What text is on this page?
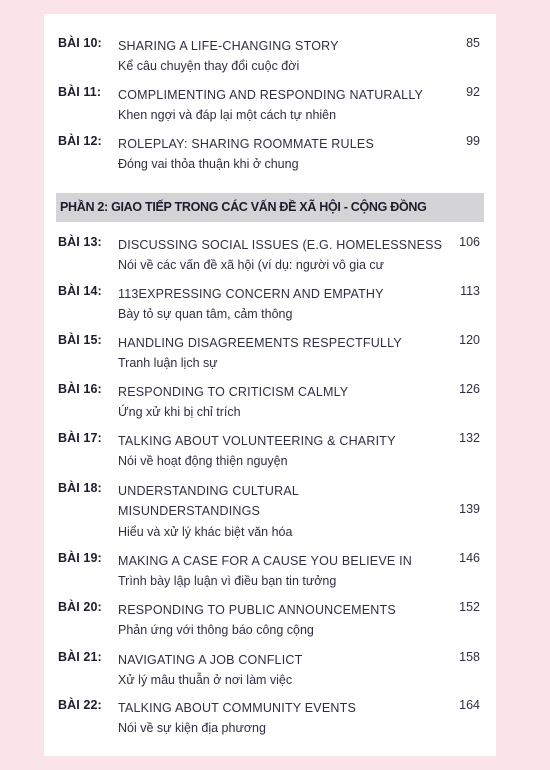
BÀI 10: SHARING A LIFE-CHANGING STORY
Kể câu chuyện thay đổi cuộc đời
85
BÀI 11: COMPLIMENTING AND RESPONDING NATURALLY
Khen ngợi và đáp lại một cách tự nhiên
92
BÀI 12: ROLEPLAY: SHARING ROOMMATE RULES
Đóng vai thỏa thuận khi ở chung
99
PHẦN 2: GIAO TIẾP TRONG CÁC VẤN ĐỀ XÃ HỘI - CỘNG ĐỒNG
BÀI 13: DISCUSSING SOCIAL ISSUES (E.G. HOMELESSNESS
Nói về các vấn đề xã hội (ví dụ: người vô gia cư
106
BÀI 14: 113EXPRESSING CONCERN AND EMPATHY
Bày tỏ sự quan tâm, cảm thông
113
BÀI 15: HANDLING DISAGREEMENTS RESPECTFULLY
Tranh luận lịch sự
120
BÀI 16: RESPONDING TO CRITICISM CALMLY
Ứng xử khi bị chỉ trích
126
BÀI 17: TALKING ABOUT VOLUNTEERING & CHARITY
Nói về hoạt động thiện nguyện
132
BÀI 18: UNDERSTANDING CULTURAL MISUNDERSTANDINGS
Hiểu và xử lý khác biệt văn hóa
139
BÀI 19: MAKING A CASE FOR A CAUSE YOU BELIEVE IN
Trình bày lập luận vì điều bạn tin tưởng
146
BÀI 20: RESPONDING TO PUBLIC ANNOUNCEMENTS
Phản ứng với thông báo công cộng
152
BÀI 21: NAVIGATING A JOB CONFLICT
Xử lý mâu thuẫn ở nơi làm việc
158
BÀI 22: TALKING ABOUT COMMUNITY EVENTS
Nói về sự kiện địa phương
164
